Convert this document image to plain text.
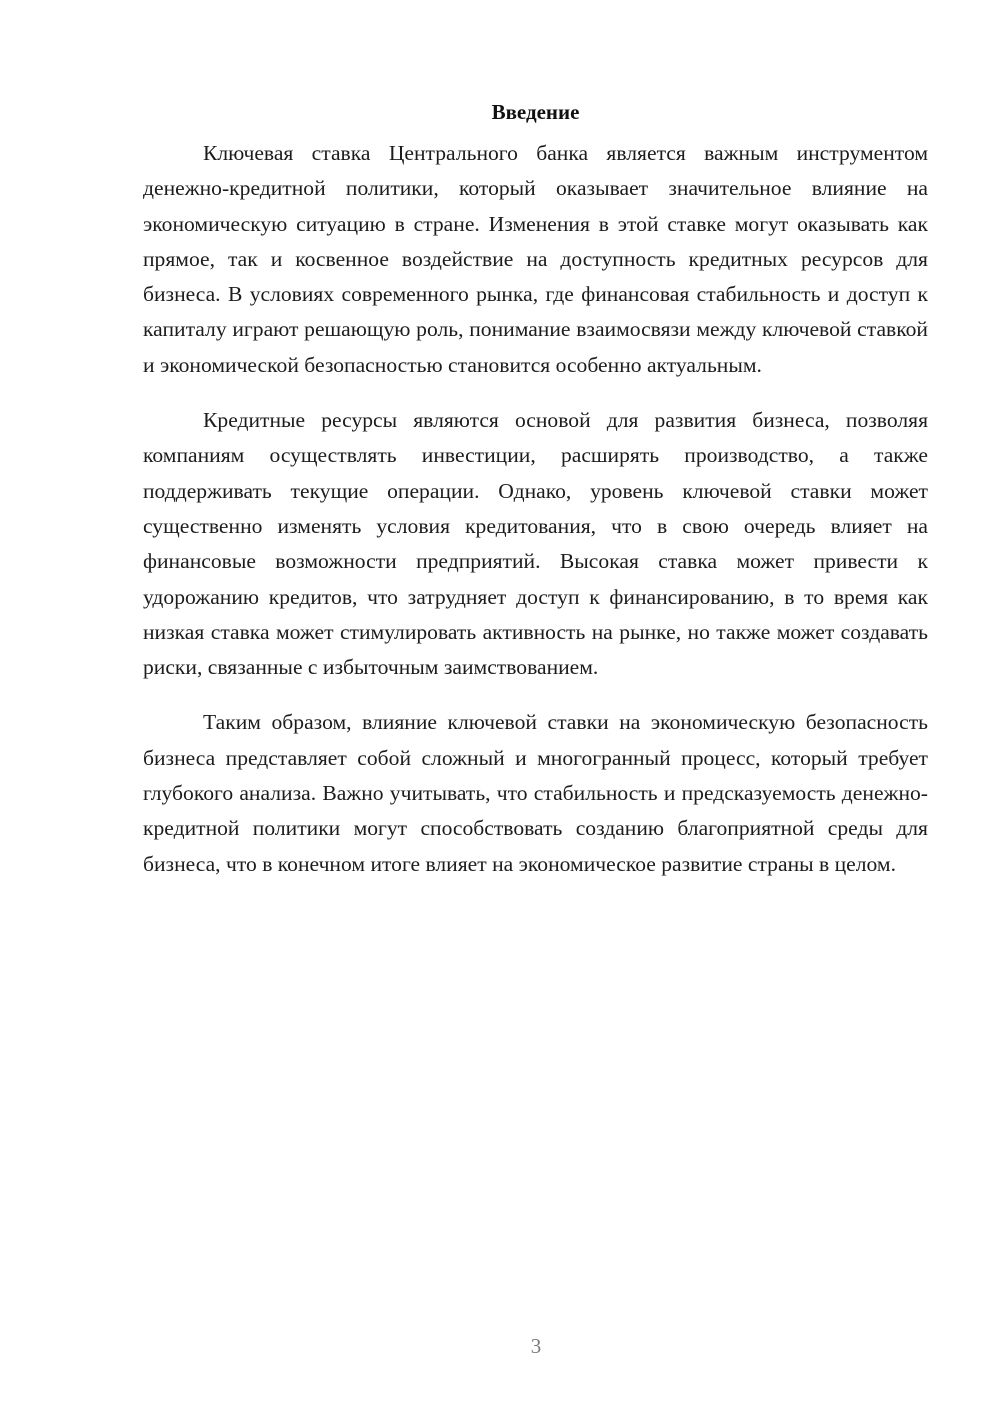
Введение

Ключевая ставка Центрального банка является важным инструментом денежно-кредитной политики, который оказывает значительное влияние на экономическую ситуацию в стране. Изменения в этой ставке могут оказывать как прямое, так и косвенное воздействие на доступность кредитных ресурсов для бизнеса. В условиях современного рынка, где финансовая стабильность и доступ к капиталу играют решающую роль, понимание взаимосвязи между ключевой ставкой и экономической безопасностью становится особенно актуальным.

Кредитные ресурсы являются основой для развития бизнеса, позволяя компаниям осуществлять инвестиции, расширять производство, а также поддерживать текущие операции. Однако, уровень ключевой ставки может существенно изменять условия кредитования, что в свою очередь влияет на финансовые возможности предприятий. Высокая ставка может привести к удорожанию кредитов, что затрудняет доступ к финансированию, в то время как низкая ставка может стимулировать активность на рынке, но также может создавать риски, связанные с избыточным заимствованием.

Таким образом, влияние ключевой ставки на экономическую безопасность бизнеса представляет собой сложный и многогранный процесс, который требует глубокого анализа. Важно учитывать, что стабильность и предсказуемость денежно-кредитной политики могут способствовать созданию благоприятной среды для бизнеса, что в конечном итоге влияет на экономическое развитие страны в целом.

3
